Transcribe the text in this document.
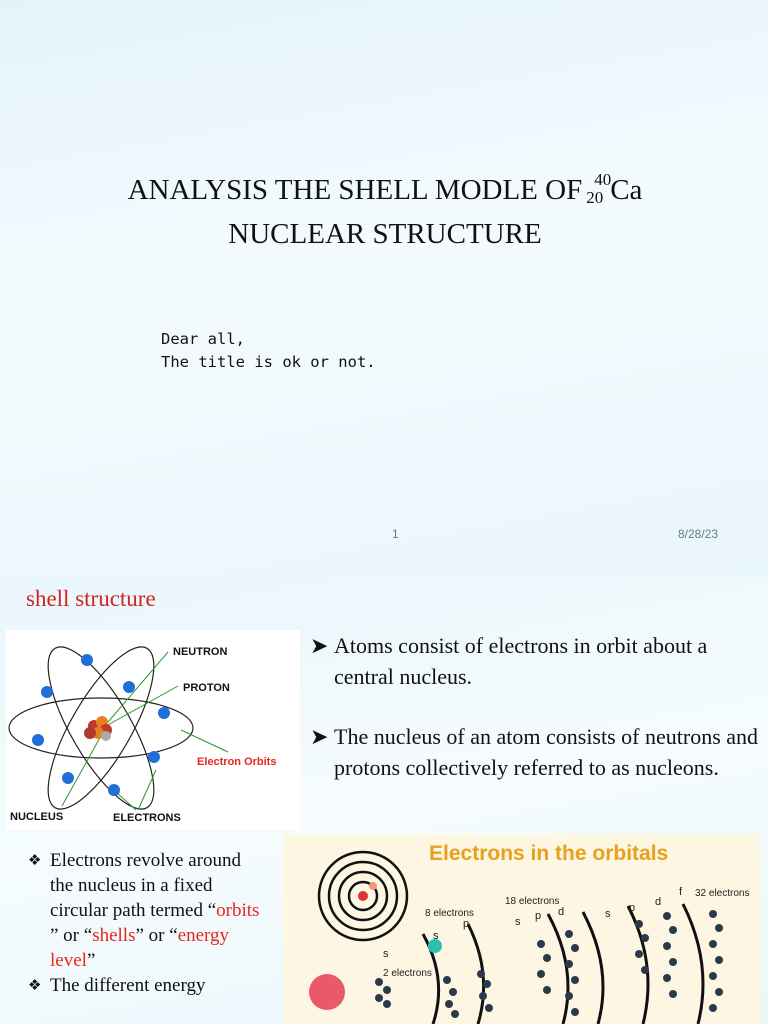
ANALYSIS THE SHELL MODLE OF 40
20 Ca
NUCLEAR STRUCTURE
Dear all,
The title is ok or not.
1	8/28/23
shell structure
NEUTRON
PROTON
Electron Orbits
NUCLEUS	ELECTRONS
➤ Atoms consist of electrons in orbit about a central nucleus.
➤ The nucleus of an atom consists of neutrons and protons collectively referred to as nucleons.
❖ Electrons revolve around the nucleus in a fixed circular path termed “orbits ” or “shells” or “energy level”
❖ The different energy
Electrons in the orbitals
2 electrons
8 electrons
18 electrons
32 electrons
s
s
p	s p d	s p d
f
